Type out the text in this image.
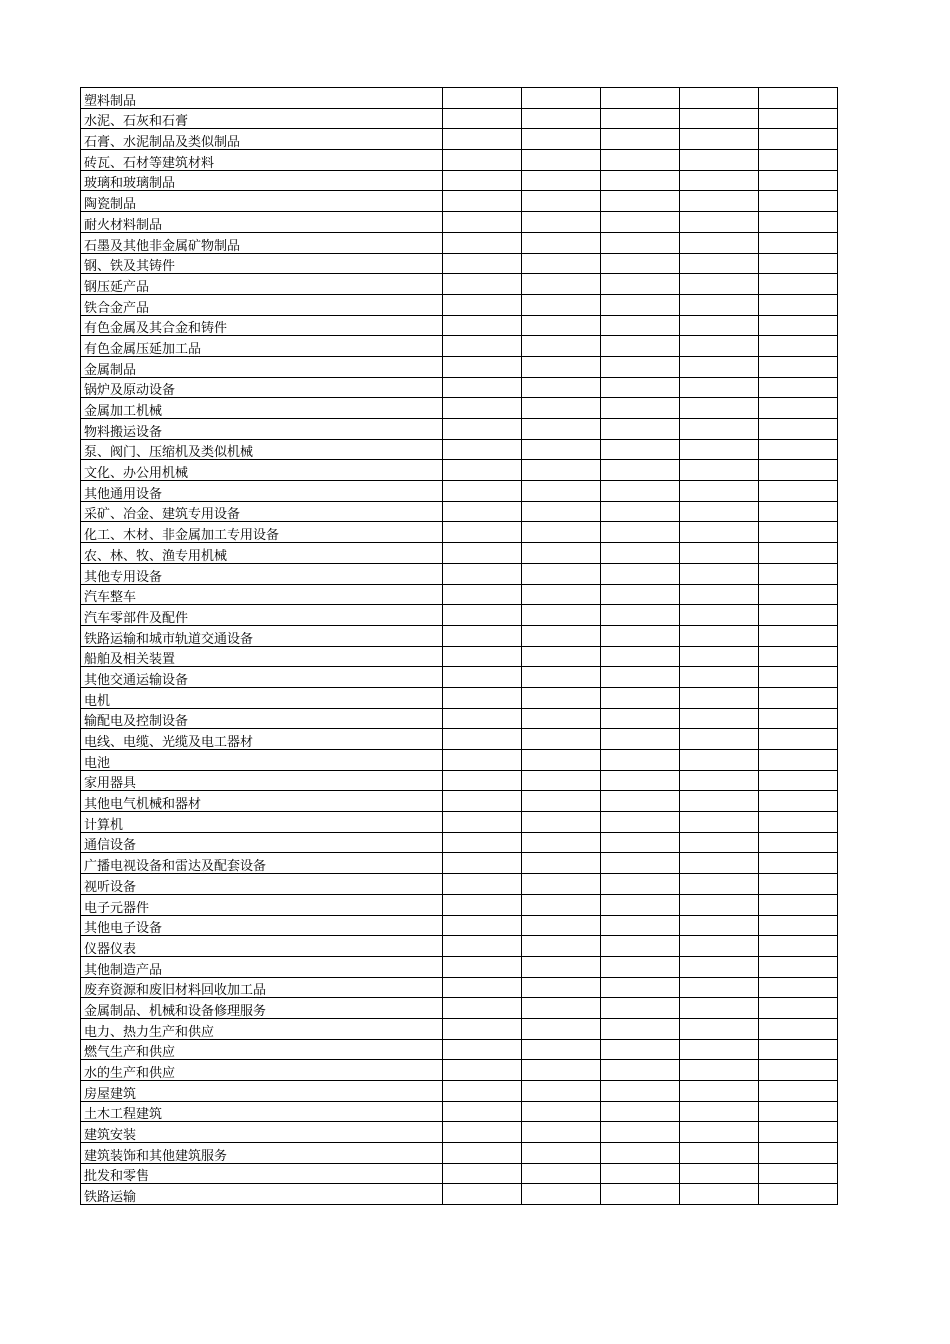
塑料制品					
水泥、石灰和石膏					
石膏、水泥制品及类似制品					
砖瓦、石材等建筑材料					
玻璃和玻璃制品					
陶瓷制品					
耐火材料制品					
石墨及其他非金属矿物制品					
钢、铁及其铸件					
钢压延产品					
铁合金产品					
有色金属及其合金和铸件					
有色金属压延加工品					
金属制品					
锅炉及原动设备					
金属加工机械					
物料搬运设备					
泵、阀门、压缩机及类似机械					
文化、办公用机械					
其他通用设备					
采矿、冶金、建筑专用设备					
化工、木材、非金属加工专用设备					
农、林、牧、渔专用机械					
其他专用设备					
汽车整车					
汽车零部件及配件					
铁路运输和城市轨道交通设备					
船舶及相关装置					
其他交通运输设备					
电机					
输配电及控制设备					
电线、电缆、光缆及电工器材					
电池					
家用器具					
其他电气机械和器材					
计算机					
通信设备					
广播电视设备和雷达及配套设备					
视听设备					
电子元器件					
其他电子设备					
仪器仪表					
其他制造产品					
废弃资源和废旧材料回收加工品					
金属制品、机械和设备修理服务					
电力、热力生产和供应					
燃气生产和供应					
水的生产和供应					
房屋建筑					
土木工程建筑					
建筑安装					
建筑装饰和其他建筑服务					
批发和零售					
铁路运输					
